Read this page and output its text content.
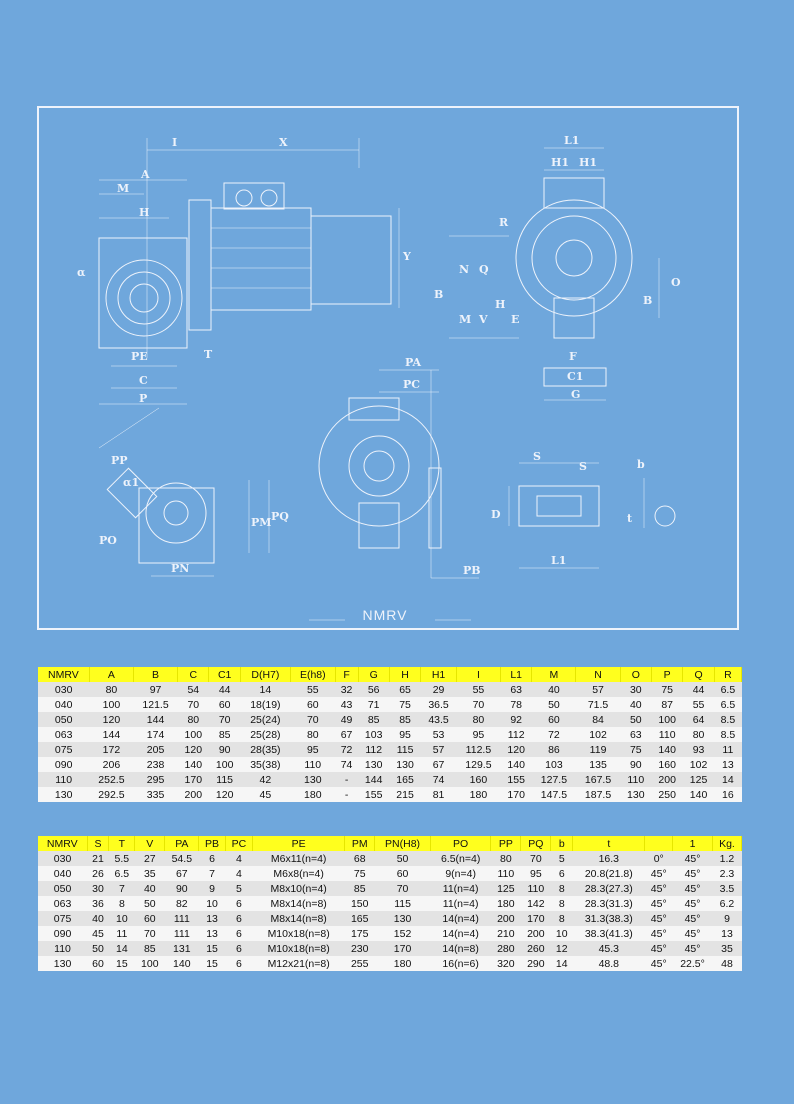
I	X
A
M
H
α
PE
C
P
T
Y
L1
H1 H1
R
N Q
B
M V
H
E
O
B
F
C1
G
PP
α1
PO
PM PQ
PN
PA
PC
PB
S
S	b
D	t
L1
NMRV
NMRV	A	B	C	C1	D(H7)	E(h8)	F	G	H	H1	I	L1	M	N	O	P	Q	R
030	80	97	54	44	14	55	32	56	65	29	55	63	40	57	30	75	44	6.5
040	100	121.5	70	60	18(19)	60	43	71	75	36.5	70	78	50	71.5	40	87	55	6.5
050	120	144	80	70	25(24)	70	49	85	85	43.5	80	92	60	84	50	100	64	8.5
063	144	174	100	85	25(28)	80	67	103	95	53	95	112	72	102	63	110	80	8.5
075	172	205	120	90	28(35)	95	72	112	115	57	112.5	120	86	119	75	140	93	11
090	206	238	140	100	35(38)	110	74	130	130	67	129.5	140	103	135	90	160	102	13
110	252.5	295	170	115	42	130	-	144	165	74	160	155	127.5	167.5	110	200	125	14
130	292.5	335	200	120	45	180	-	155	215	81	180	170	147.5	187.5	130	250	140	16
NMRV	S	T	V	PA	PB	PC	PE	PM	PN(H8)	PO	PP	PQ	b	t		1	Kg.
030	21	5.5	27	54.5	6	4	M6x11(n=4)	68	50	6.5(n=4)	80	70	5	16.3	0°	45°	1.2
040	26	6.5	35	67	7	4	M6x8(n=4)	75	60	9(n=4)	110	95	6	20.8(21.8)	45°	45°	2.3
050	30	7	40	90	9	5	M8x10(n=4)	85	70	11(n=4)	125	110	8	28.3(27.3)	45°	45°	3.5
063	36	8	50	82	10	6	M8x14(n=8)	150	115	11(n=4)	180	142	8	28.3(31.3)	45°	45°	6.2
075	40	10	60	111	13	6	M8x14(n=8)	165	130	14(n=4)	200	170	8	31.3(38.3)	45°	45°	9
090	45	11	70	111	13	6	M10x18(n=8)	175	152	14(n=4)	210	200	10	38.3(41.3)	45°	45°	13
110	50	14	85	131	15	6	M10x18(n=8)	230	170	14(n=8)	280	260	12	45.3	45°	45°	35
130	60	15	100	140	15	6	M12x21(n=8)	255	180	16(n=6)	320	290	14	48.8	45°	22.5°	48
